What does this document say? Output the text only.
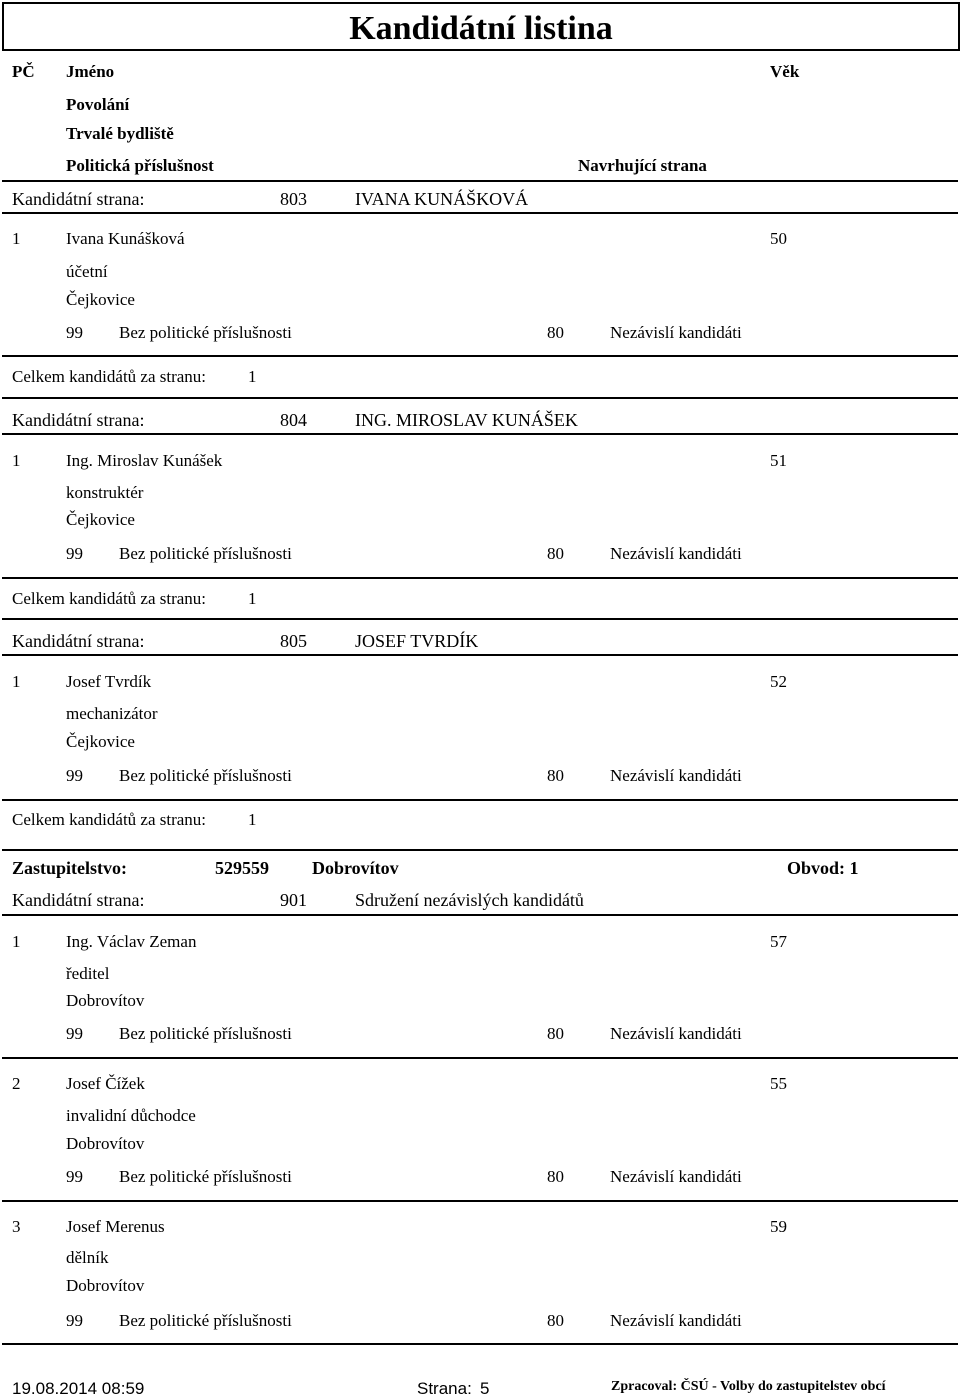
Kandidátní listina
PČ Jméno	Věk
Povolání
Trvalé bydliště
Politická příslušnost	Navrhující strana
Kandidátní strana:	803	IVANA KUNÁŠKOVÁ
1	Ivana Kunášková	50
účetní
Čejkovice
99 Bez politické příslušnosti	80	Nezávislí kandidáti
Celkem kandidátů za stranu: 1
Kandidátní strana:	804	ING. MIROSLAV KUNÁŠEK
1	Ing. Miroslav Kunášek	51
konstruktér
Čejkovice
99 Bez politické příslušnosti	80	Nezávislí kandidáti
Celkem kandidátů za stranu: 1
Kandidátní strana:	805	JOSEF TVRDÍK
1	Josef Tvrdík	52
mechanizátor
Čejkovice
99 Bez politické příslušnosti	80	Nezávislí kandidáti
Celkem kandidátů za stranu: 1
Zastupitelstvo:	529559 Dobrovítov	Obvod: 1
Kandidátní strana:	901	Sdružení nezávislých kandidátů
1	Ing. Václav Zeman	57
ředitel
Dobrovítov
99 Bez politické příslušnosti	80	Nezávislí kandidáti
2	Josef Čížek	55
invalidní důchodce
Dobrovítov
99 Bez politické příslušnosti	80	Nezávislí kandidáti
3	Josef Merenus	59
dělník
Dobrovítov
99 Bez politické příslušnosti	80	Nezávislí kandidáti
19.08.2014 08:59	Strana: 5	Zpracoval: ČSÚ - Volby do zastupitelstev obcí
